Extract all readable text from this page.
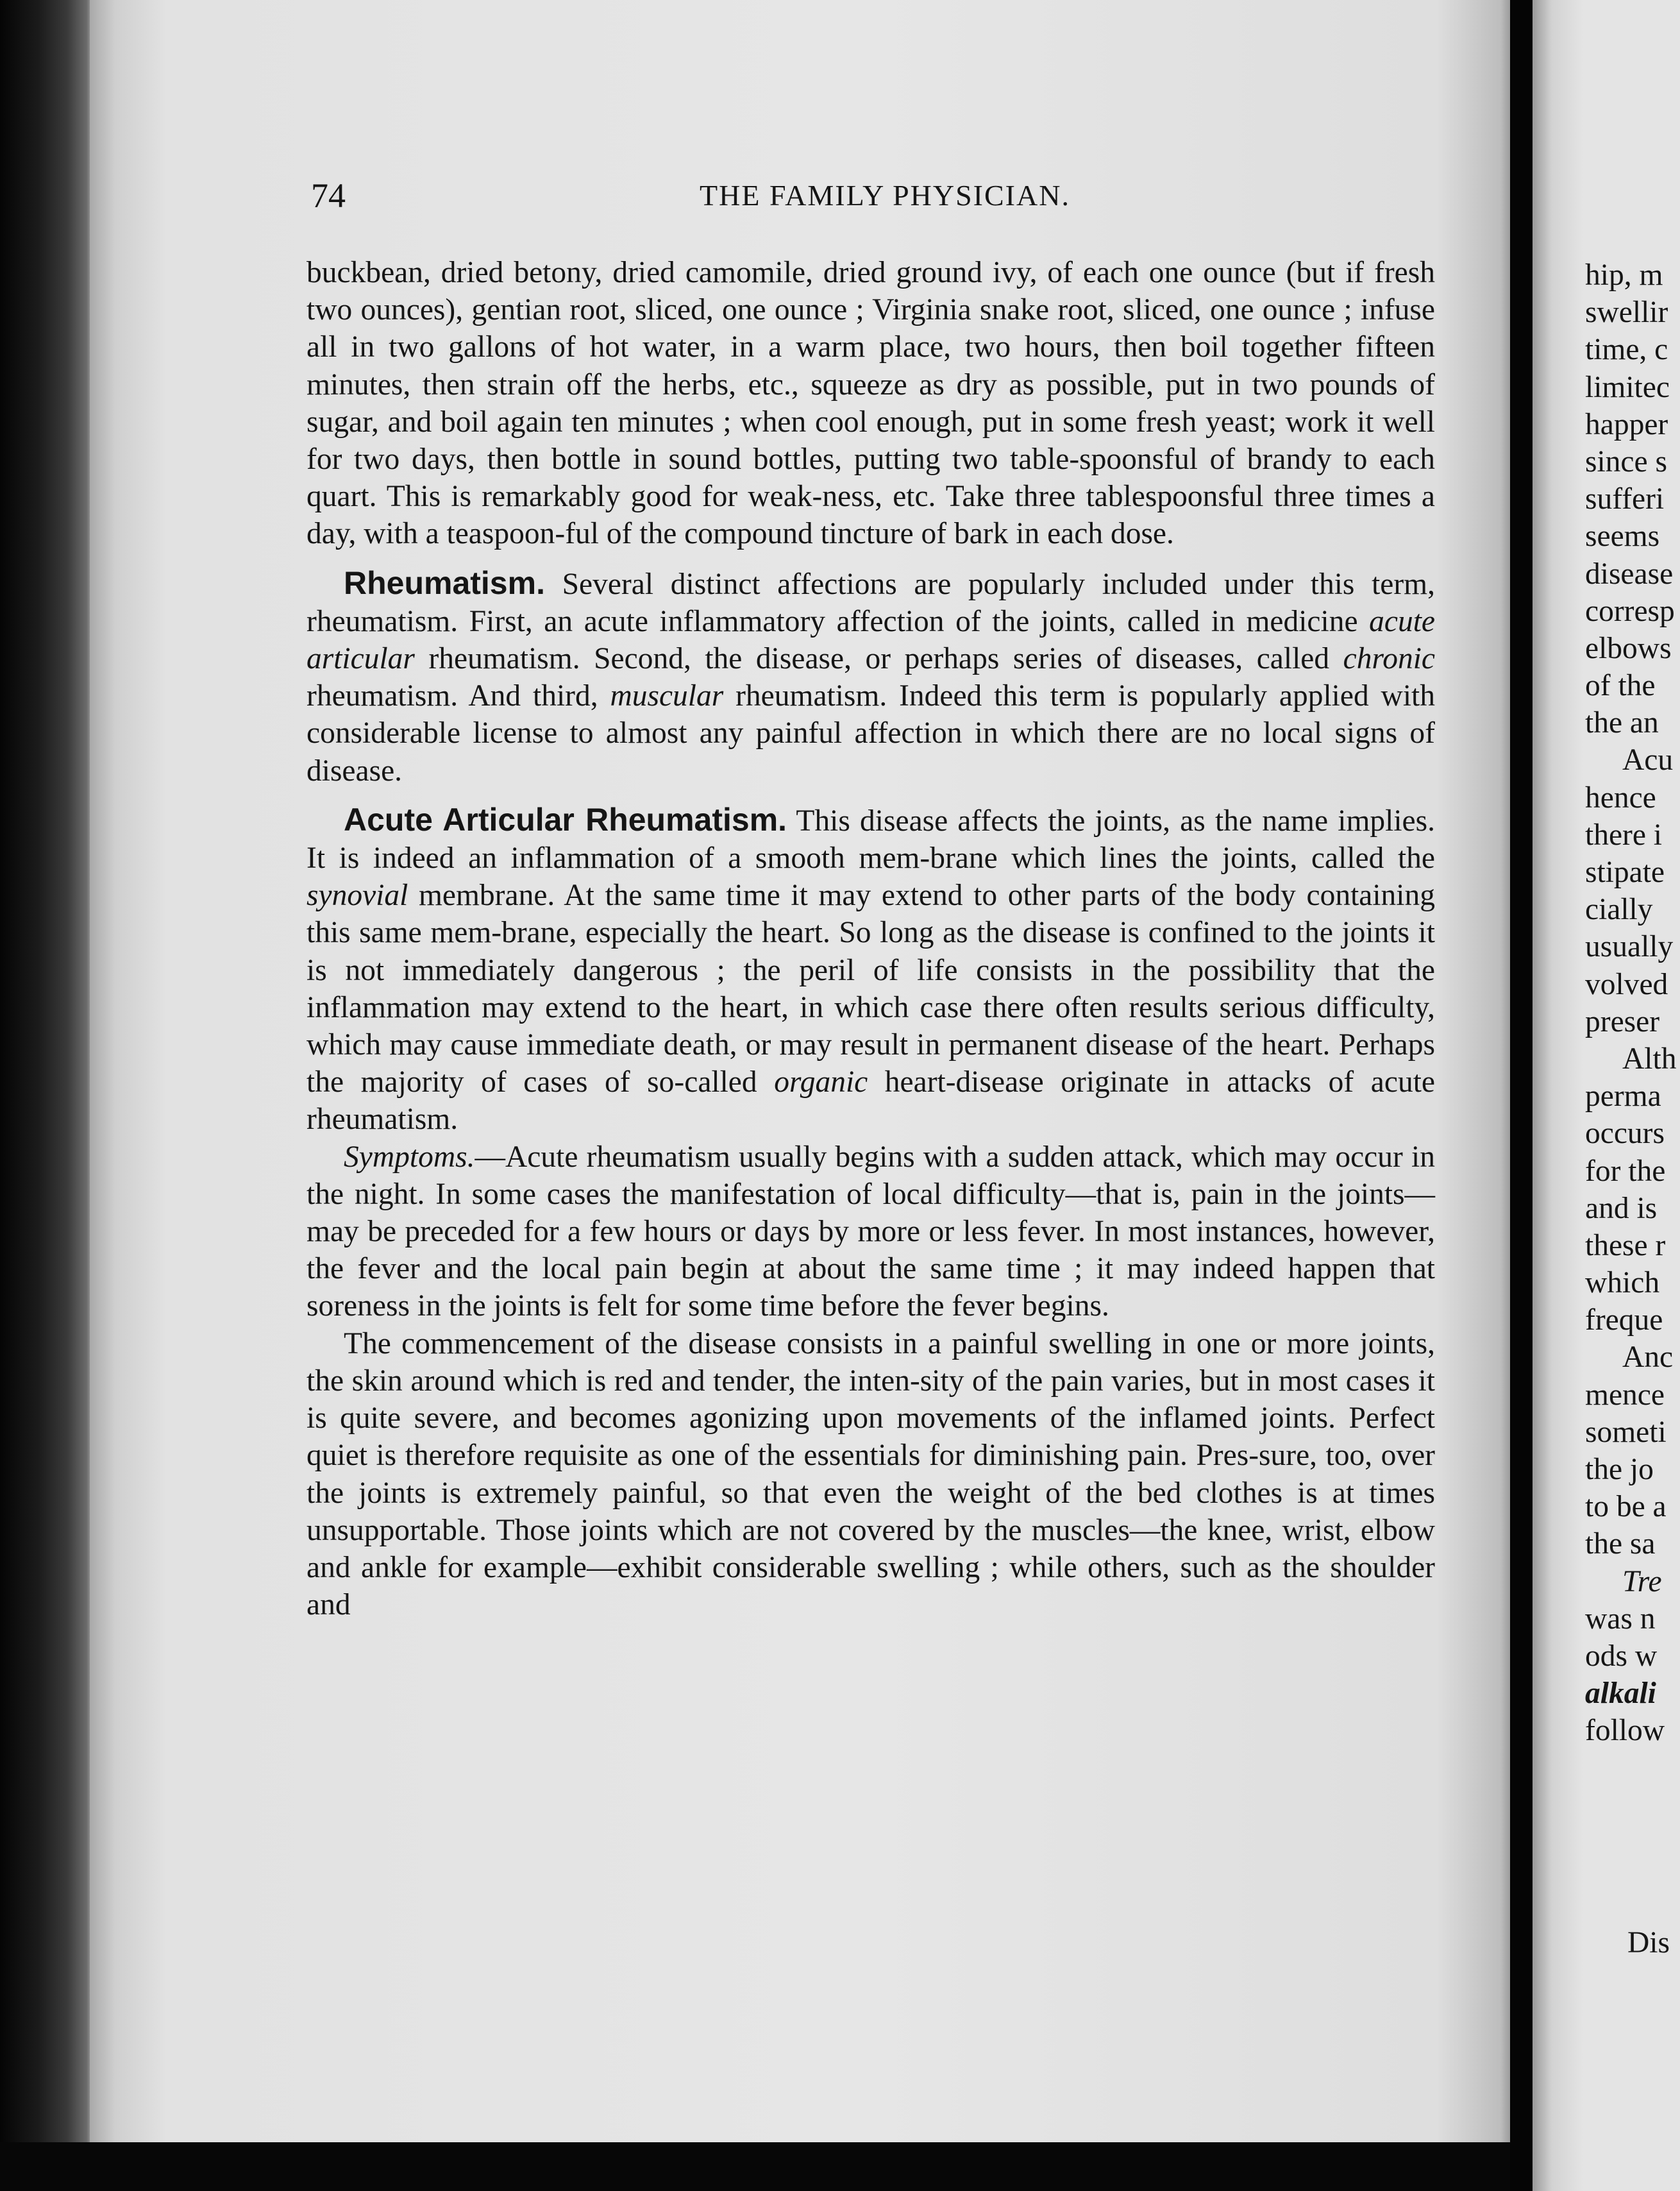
74	THE FAMILY PHYSICIAN.

buckbean, dried betony, dried camomile, dried ground ivy, of each one ounce (but if fresh two ounces), gentian root, sliced, one ounce ; Virginia snake root, sliced, one ounce ; infuse all in two gallons of hot water, in a warm place, two hours, then boil together fifteen minutes, then strain off the herbs, etc., squeeze as dry as possible, put in two pounds of sugar, and boil again ten minutes ; when cool enough, put in some fresh yeast; work it well for two days, then bottle in sound bottles, putting two table-spoonsful of brandy to each quart. This is remarkably good for weak-ness, etc. Take three tablespoonsful three times a day, with a teaspoon-ful of the compound tincture of bark in each dose.

Rheumatism. Several distinct affections are popularly included under this term, rheumatism. First, an acute inflammatory affection of the joints, called in medicine acute articular rheumatism. Second, the disease, or perhaps series of diseases, called chronic rheumatism. And third, muscular rheumatism. Indeed this term is popularly applied with considerable license to almost any painful affection in which there are no local signs of disease.

Acute Articular Rheumatism. This disease affects the joints, as the name implies. It is indeed an inflammation of a smooth mem-brane which lines the joints, called the synovial membrane. At the same time it may extend to other parts of the body containing this same mem-brane, especially the heart. So long as the disease is confined to the joints it is not immediately dangerous ; the peril of life consists in the possibility that the inflammation may extend to the heart, in which case there often results serious difficulty, which may cause immediate death, or may result in permanent disease of the heart. Perhaps the majority of cases of so-called organic heart-disease originate in attacks of acute rheumatism.

Symptoms.—Acute rheumatism usually begins with a sudden attack, which may occur in the night. In some cases the manifestation of local difficulty—that is, pain in the joints—may be preceded for a few hours or days by more or less fever. In most instances, however, the fever and the local pain begin at about the same time ; it may indeed happen that soreness in the joints is felt for some time before the fever begins.

The commencement of the disease consists in a painful swelling in one or more joints, the skin around which is red and tender, the inten-sity of the pain varies, but in most cases it is quite severe, and becomes agonizing upon movements of the inflamed joints. Perfect quiet is therefore requisite as one of the essentials for diminishing pain. Pres-sure, too, over the joints is extremely painful, so that even the weight of the bed clothes is at times unsupportable. Those joints which are not covered by the muscles—the knee, wrist, elbow and ankle for example—exhibit considerable swelling ; while others, such as the shoulder and

hip, m
swellir
time, c
limitec
happer
since s
sufferi
seems
disease
corresp
elbows
of the
the an
Acu
hence
there i
stipate
cially
usually
volved
preser
Alth
perma
occurs
for the
and is
these r
which
freque
Anc
mence
someti
the jo
to be a
the sa
Tre
was n
ods w
alkali
follow
Dis
